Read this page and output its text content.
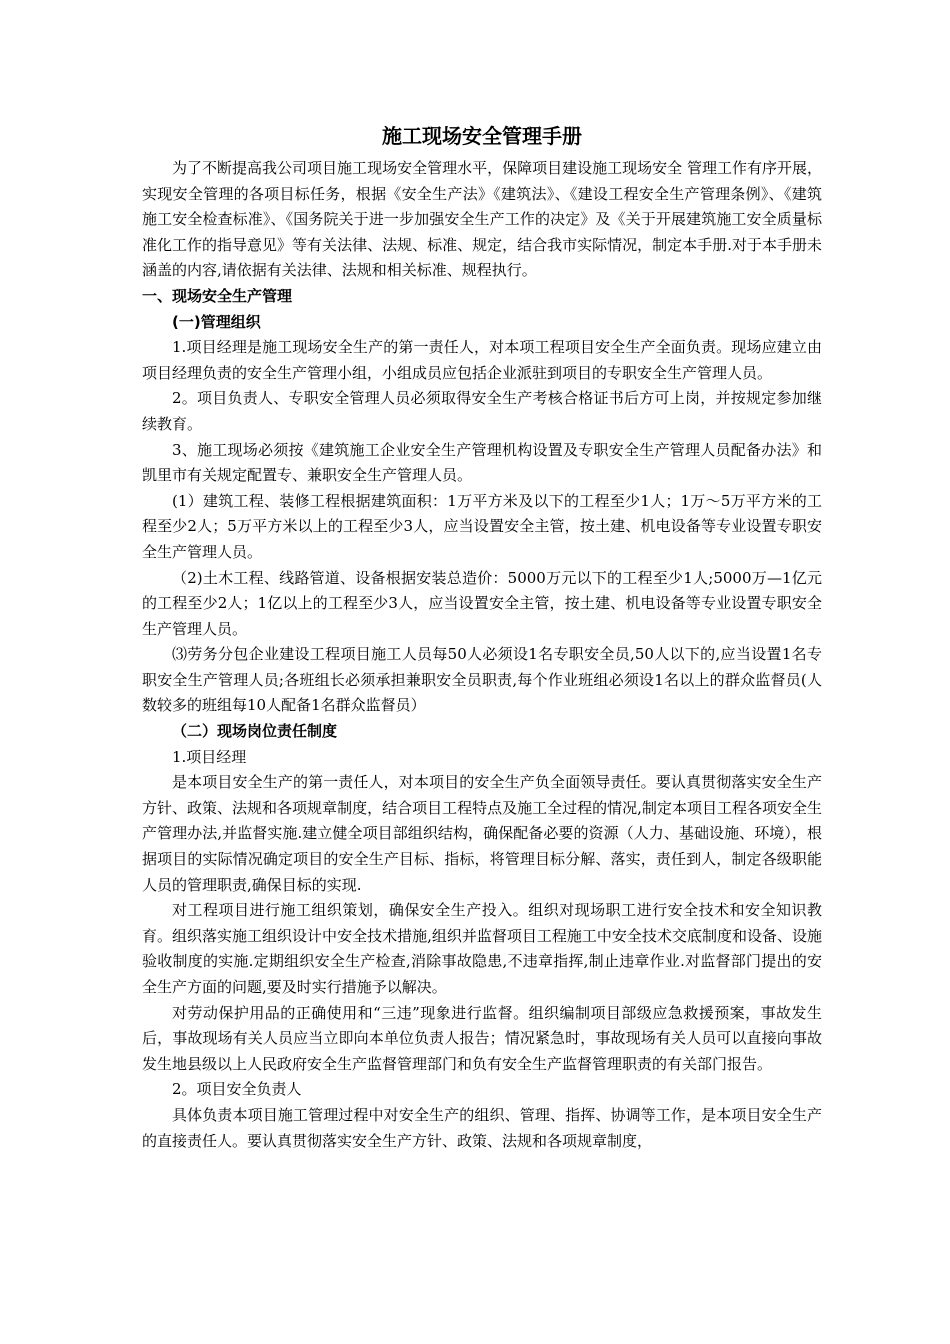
施工现场安全管理手册

为了不断提高我公司项目施工现场安全管理水平，保障项目建设施工现场安全 管理工作有序开展，实现安全管理的各项目标任务，根据《安全生产法》《建筑法》、《建设工程安全生产管理条例》、《建筑施工安全检查标准》、《国务院关于进一步加强安全生产工作的决定》及《关于开展建筑施工安全质量标准化工作的指导意见》等有关法律、法规、标准、规定，结合我市实际情况，制定本手册.对于本手册未涵盖的内容,请依据有关法律、法规和相关标准、规程执行。

一、现场安全生产管理
(一)管理组织

1.项目经理是施工现场安全生产的第一责任人，对本项工程项目安全生产全面负责。现场应建立由项目经理负责的安全生产管理小组，小组成员应包括企业派驻到项目的专职安全生产管理人员。

2。项目负责人、专职安全管理人员必须取得安全生产考核合格证书后方可上岗，并按规定参加继续教育。

3、施工现场必须按《建筑施工企业安全生产管理机构设置及专职安全生产管理人员配备办法》和凯里市有关规定配置专、兼职安全生产管理人员。

(1）建筑工程、装修工程根据建筑面积：1万平方米及以下的工程至少1人；1万～5万平方米的工程至少2人；5万平方米以上的工程至少3人，应当设置安全主管，按土建、机电设备等专业设置专职安全生产管理人员。

（2)土木工程、线路管道、设备根据安装总造价：5000万元以下的工程至少1人;5000万—1亿元的工程至少2人；1亿以上的工程至少3人，应当设置安全主管，按土建、机电设备等专业设置专职安全生产管理人员。

⑶劳务分包企业建设工程项目施工人员每50人必须设1名专职安全员,50人以下的,应当设置1名专职安全生产管理人员;各班组长必须承担兼职安全员职责,每个作业班组必须设1名以上的群众监督员(人数较多的班组每10人配备1名群众监督员）

（二）现场岗位责任制度
1.项目经理

是本项目安全生产的第一责任人，对本项目的安全生产负全面领导责任。要认真贯彻落实安全生产方针、政策、法规和各项规章制度，结合项目工程特点及施工全过程的情况,制定本项目工程各项安全生产管理办法,并监督实施.建立健全项目部组织结构，确保配备必要的资源（人力、基础设施、环境），根据项目的实际情况确定项目的安全生产目标、指标，将管理目标分解、落实，责任到人，制定各级职能人员的管理职责,确保目标的实现.

对工程项目进行施工组织策划，确保安全生产投入。组织对现场职工进行安全技术和安全知识教育。组织落实施工组织设计中安全技术措施,组织并监督项目工程施工中安全技术交底制度和设备、设施验收制度的实施.定期组织安全生产检查,消除事故隐患,不违章指挥,制止违章作业.对监督部门提出的安全生产方面的问题,要及时实行措施予以解决。

对劳动保护用品的正确使用和“三违”现象进行监督。组织编制项目部级应急救援预案，事故发生后，事故现场有关人员应当立即向本单位负责人报告；情况紧急时，事故现场有关人员可以直接向事故发生地县级以上人民政府安全生产监督管理部门和负有安全生产监督管理职责的有关部门报告。

2。项目安全负责人

具体负责本项目施工管理过程中对安全生产的组织、管理、指挥、协调等工作，是本项目安全生产的直接责任人。要认真贯彻落实安全生产方针、政策、法规和各项规章制度，
